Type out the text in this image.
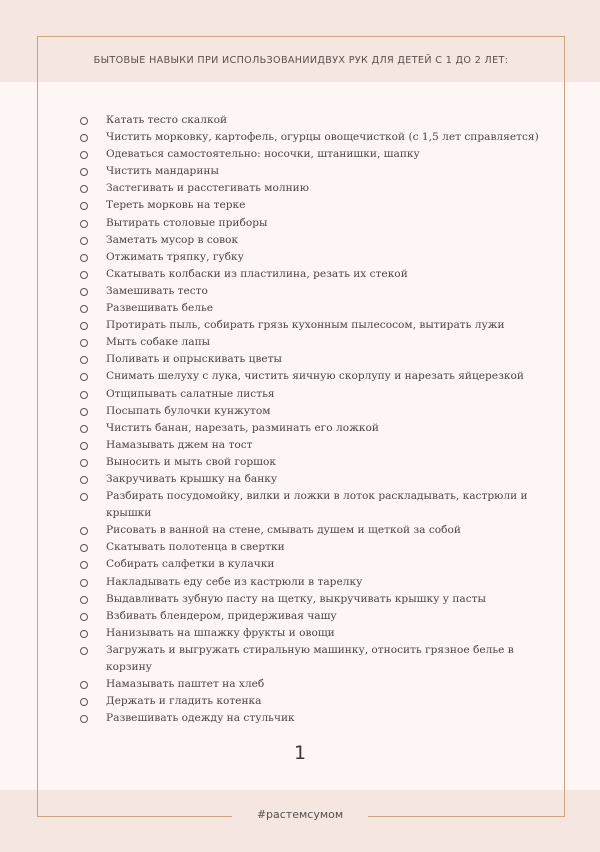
БЫТОВЫЕ НАВЫКИ ПРИ ИСПОЛЬЗОВАНИИДВУХ РУК ДЛЯ ДЕТЕЙ С 1 ДО 2 ЛЕТ:
Катать тесто скалкой
Чистить морковку, картофель, огурцы овощечисткой (с 1,5 лет справляется)
Одеваться самостоятельно: носочки, штанишки, шапку
Чистить мандарины
Застегивать и расстегивать молнию
Тереть морковь на терке
Вытирать столовые приборы
Заметать мусор в совок
Отжимать тряпку, губку
Скатывать колбаски из пластилина, резать их стекой
Замешивать тесто
Развешивать белье
Протирать пыль, собирать грязь кухонным пылесосом, вытирать лужи
Мыть собаке лапы
Поливать и опрыскивать цветы
Снимать шелуху с лука, чистить яичную скорлупу и нарезать яйцерезкой
Отщипывать салатные листья
Посыпать булочки кунжутом
Чистить банан, нарезать, разминать его ложкой
Намазывать джем на тост
Выносить и мыть свой горшок
Закручивать крышку на банку
Разбирать посудомойку, вилки и ложки в лоток раскладывать, кастрюли и крышки
Рисовать в ванной на стене, смывать душем и щеткой за собой
Скатывать полотенца в свертки
Собирать салфетки в кулачки
Накладывать еду себе из кастрюли в тарелку
Выдавливать зубную пасту на щетку, выкручивать крышку у пасты
Взбивать блендером, придерживая чашу
Нанизывать на шпажку фрукты и овощи
Загружать и выгружать стиральную машинку, относить грязное белье в корзину
Намазывать паштет на хлеб
Держать и гладить котенка
Развешивать одежду на стульчик
1
#растемсумом
